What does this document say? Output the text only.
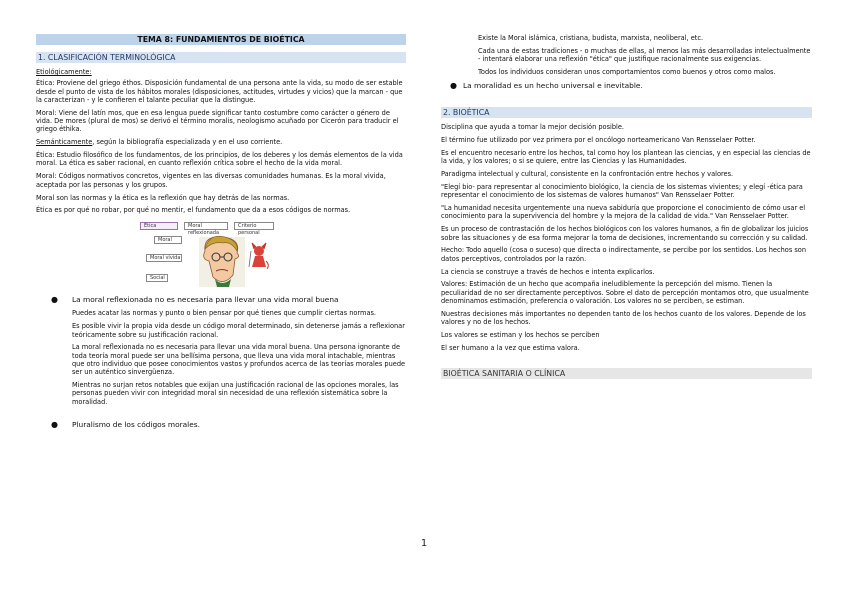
TEMA 8: FUNDAMIENTOS DE BIOÉTICA
1. CLASIFICACIÓN TERMINOLÓGICA

Etiológicamente:

Ética: Proviene del griego éthos. Disposición fundamental de una persona ante la vida, su modo de ser estable desde el punto de vista de los hábitos morales (disposiciones, actitudes, virtudes y vicios) que la marcan - que la caracterizan - y le confieren el talante peculiar que la distingue.

Moral: Viene del latín mos, que en esa lengua puede significar tanto costumbre como carácter o género de vida. De mores (plural de mos) se derivó el término moralis, neologismo acuñado por Cicerón para traducir el griego éthika.

Semánticamente, según la bibliografía especializada y en el uso corriente.

Ética: Estudio filosófico de los fundamentos, de los principios, de los deberes y los demás elementos de la vida moral. La ética es saber racional, en cuanto reflexión crítica sobre el hecho de la vida moral.

Moral: Códigos normativos concretos, vigentes en las diversas comunidades humanas. Es la moral vivida, aceptada por las personas y los grupos.

Moral son las normas y la ética es la reflexión que hay detrás de las normas.

Ética es por qué no robar, por qué no mentir, el fundamento que da a esos códigos de normas.

Ética	Moral reflexionada
Criterio personal
Moral
Moral vivida
Social
● La moral reflexionada no es necesaria para llevar una vida moral buena

Puedes acatar las normas y punto o bien pensar por qué tienes que cumplir ciertas normas.

Es posible vivir la propia vida desde un código moral determinado, sin detenerse jamás a reflexionar teóricamente sobre su justificación racional.

La moral reflexionada no es necesaria para llevar una vida moral buena. Una persona ignorante de toda teoría moral puede ser una bellísima persona, que lleva una vida moral intachable, mientras que otro individuo que posee conocimientos vastos y profundos acerca de las teorías morales puede ser un auténtico sinvergüenza.

Mientras no surjan retos notables que exijan una justificación racional de las opciones morales, las personas pueden vivir con integridad moral sin necesidad de una reflexión sistemática sobre la moralidad.

● Pluralismo de los códigos morales.

Existe la Moral islámica, cristiana, budista, marxista, neoliberal, etc.

Cada una de estas tradiciones - o muchas de ellas, al menos las más desarrolladas intelectualmente - intentará elaborar una reflexión "ética" que justifique racionalmente sus exigencias.

Todos los individuos consideran unos comportamientos como buenos y otros como malos.

● La moralidad es un hecho universal e inevitable.
2. BIOÉTICA

Disciplina que ayuda a tomar la mejor decisión posible.

El término fue utilizado por vez primera por el oncólogo norteamericano Van Rensselaer Potter.

Es el encuentro necesario entre los hechos, tal como hoy los plantean las ciencias, y en especial las ciencias de la vida, y los valores; o si se quiere, entre las Ciencias y las Humanidades.

Paradigma intelectual y cultural, consistente en la confrontación entre hechos y valores.

"Elegí bio- para representar al conocimiento biológico, la ciencia de los sistemas vivientes; y elegí -ética para representar el conocimiento de los sistemas de valores humanos" Van Rensselaer Potter.

"La humanidad necesita urgentemente una nueva sabiduría que proporcione el conocimiento de cómo usar el conocimiento para la supervivencia del hombre y la mejora de la calidad de vida." Van Rensselaer Potter.

Es un proceso de contrastación de los hechos biológicos con los valores humanos, a fin de globalizar los juicios sobre las situaciones y de esa forma mejorar la toma de decisiones, incrementando su corrección y su calidad.

Hecho: Todo aquello (cosa o suceso) que directa o indirectamente, se percibe por los sentidos. Los hechos son datos perceptivos, controlados por la razón.

La ciencia se construye a través de hechos e intenta explicarlos.

Valores: Estimación de un hecho que acompaña ineludiblemente la percepción del mismo. Tienen la peculiaridad de no ser directamente perceptivos. Sobre el dato de percepción montamos otro, que usualmente denominamos estimación, preferencia o valoración. Los valores no se perciben, se estiman.

Nuestras decisiones más importantes no dependen tanto de los hechos cuanto de los valores. Depende de los valores y no de los hechos.

Los valores se estiman y los hechos se perciben

El ser humano a la vez que estima valora.

BIOÉTICA SANITARIA O CLÍNICA
1
